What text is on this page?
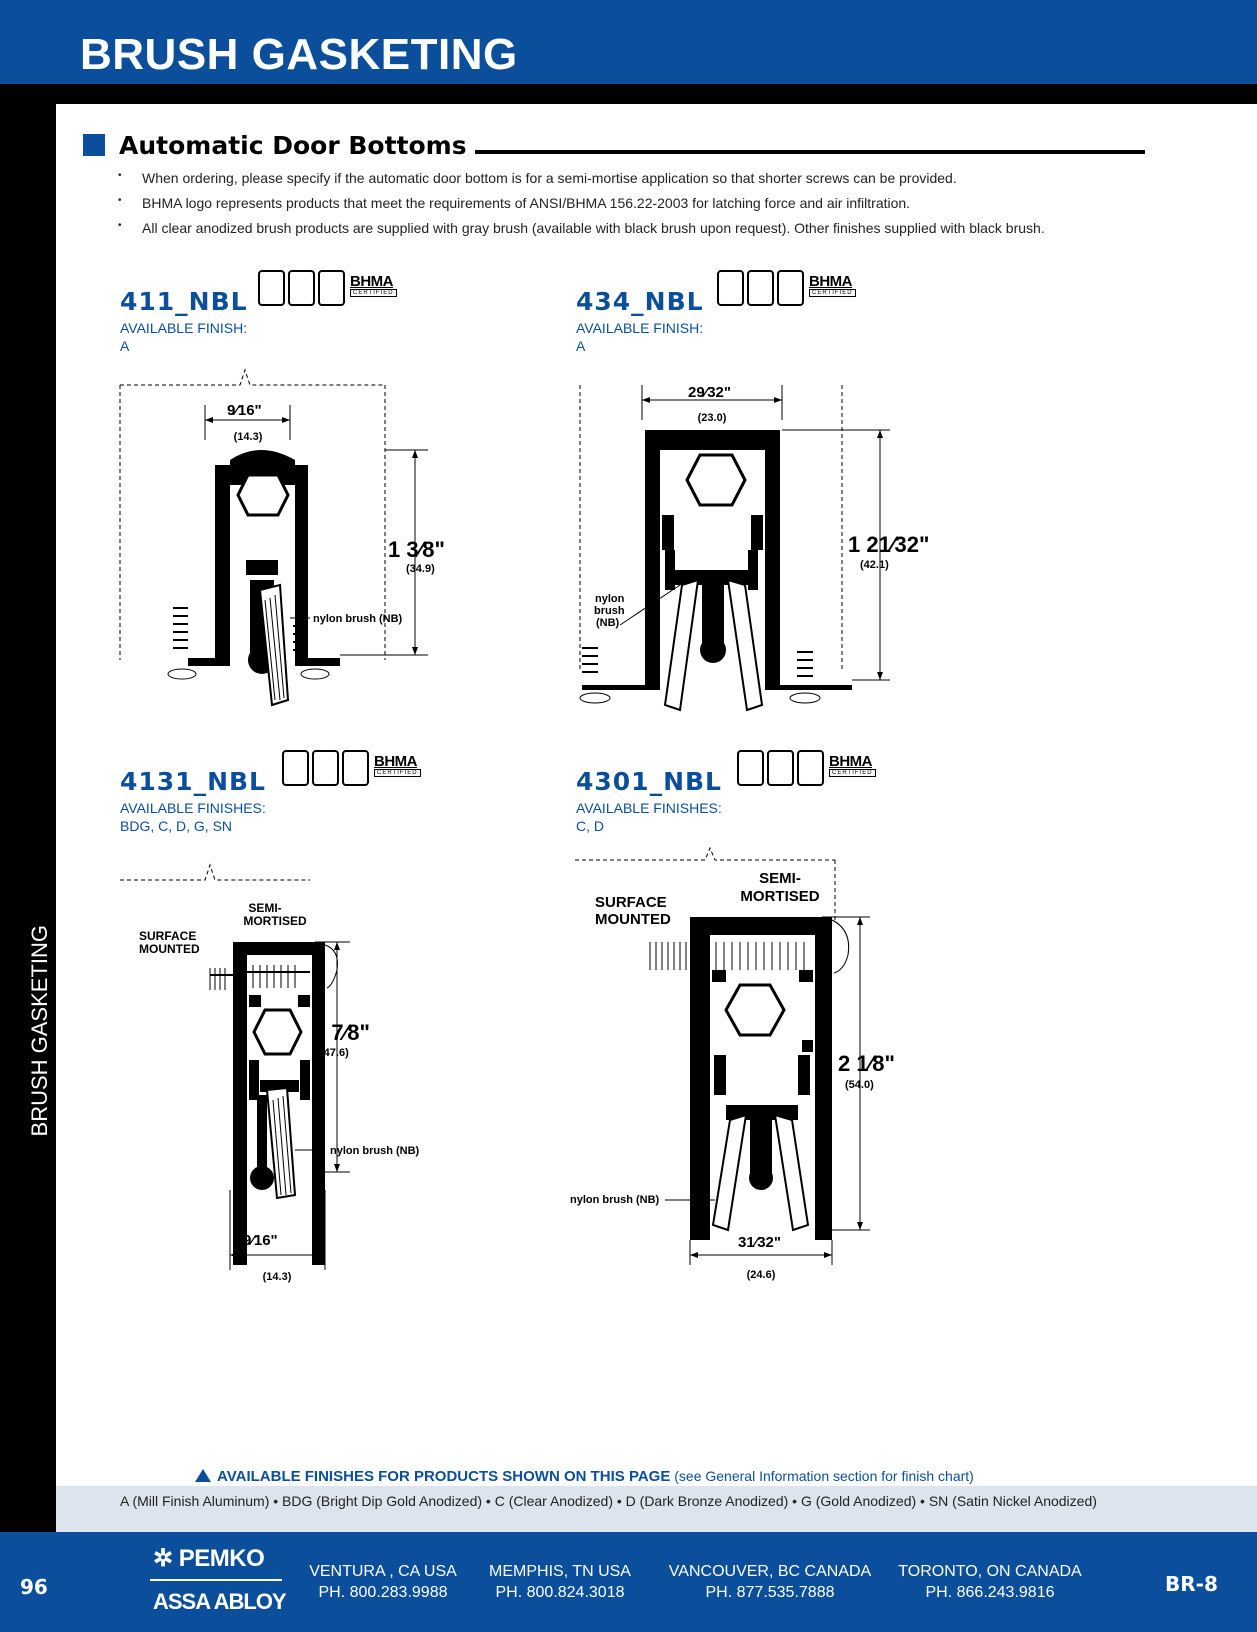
BRUSH GASKETING
BRUSH GASKETING
Automatic Door Bottoms
• When ordering, please specify if the automatic door bottom is for a semi-mortise application so that shorter screws can be provided.
• BHMA logo represents products that meet the requirements of ANSI/BHMA 156.22-2003 for latching force and air infiltration.
• All clear anodized brush products are supplied with gray brush (available with black brush upon request). Other finishes supplied with black brush.
411_NBL
AVAILABLE FINISH:
A
BHMA
CERTIFIED	434_NBL
AVAILABLE FINISH:
A
BHMA
CERTIFIED
4131_NBL
AVAILABLE FINISHES:
BDG, C, D, G, SN
BHMA
CERTIFIED	4301_NBL
AVAILABLE FINISHES:
C, D
BHMA
CERTIFIED
9⁄16"
(14.3)
1 3⁄8"
(34.9)
nylon brush (NB)
29⁄32"
(23.0)
1 21⁄32"
(42.1)
nylon
brush
(NB)
SEMI-
MORTISED
SURFACE
MOUNTED
1 7⁄8"
(47.6)
nylon brush (NB)
9⁄16"
(14.3)
SEMI-
MORTISED
SURFACE
MOUNTED
2 1⁄8"
(54.0)
nylon brush (NB)
31⁄32"
(24.6)
AVAILABLE FINISHES FOR PRODUCTS SHOWN ON THIS PAGE (see General Information section for finish chart)
A (Mill Finish Aluminum) • BDG (Bright Dip Gold Anodized) • C (Clear Anodized) • D (Dark Bronze Anodized) • G (Gold Anodized) • SN (Satin Nickel Anodized)
96
✲ PEMKO
ASSA ABLOY
VENTURA , CA USA
PH. 800.283.9988
MEMPHIS, TN USA
PH. 800.824.3018
VANCOUVER, BC CANADA
PH. 877.535.7888
TORONTO, ON CANADA
PH. 866.243.9816	BR-8
